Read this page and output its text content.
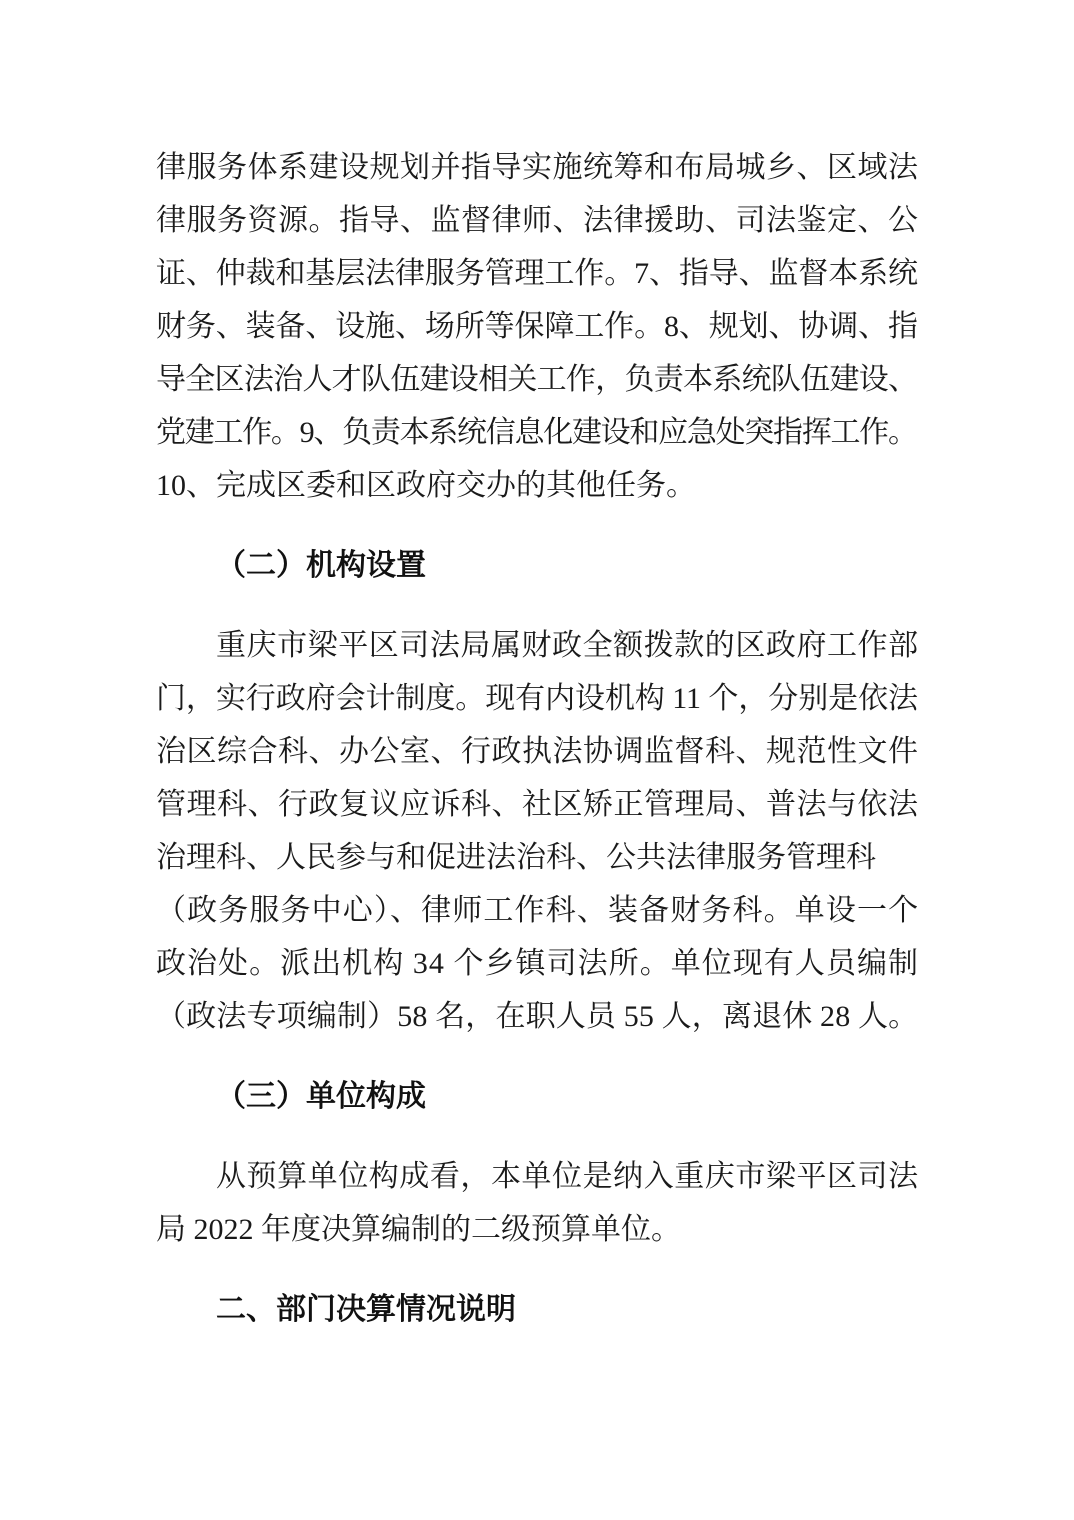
律服务体系建设规划并指导实施统筹和布局城乡、区域法
律服务资源。指导、监督律师、法律援助、司法鉴定、公
证、仲裁和基层法律服务管理工作。7、指导、监督本系统
财务、装备、设施、场所等保障工作。8、规划、协调、指
导全区法治人才队伍建设相关工作，负责本系统队伍建设、
党建工作。9、负责本系统信息化建设和应急处突指挥工作。
10、完成区委和区政府交办的其他任务。
（二）机构设置
重庆市梁平区司法局属财政全额拨款的区政府工作部
门，实行政府会计制度。现有内设机构 11 个，分别是依法
治区综合科、办公室、行政执法协调监督科、规范性文件
管理科、行政复议应诉科、社区矫正管理局、普法与依法
治理科、人民参与和促进法治科、公共法律服务管理科
（政务服务中心）、律师工作科、装备财务科。单设一个
政治处。派出机构 34 个乡镇司法所。单位现有人员编制
（政法专项编制）58 名，在职人员 55 人，离退休 28 人。
（三）单位构成
从预算单位构成看，本单位是纳入重庆市梁平区司法
局 2022 年度决算编制的二级预算单位。
二、部门决算情况说明
